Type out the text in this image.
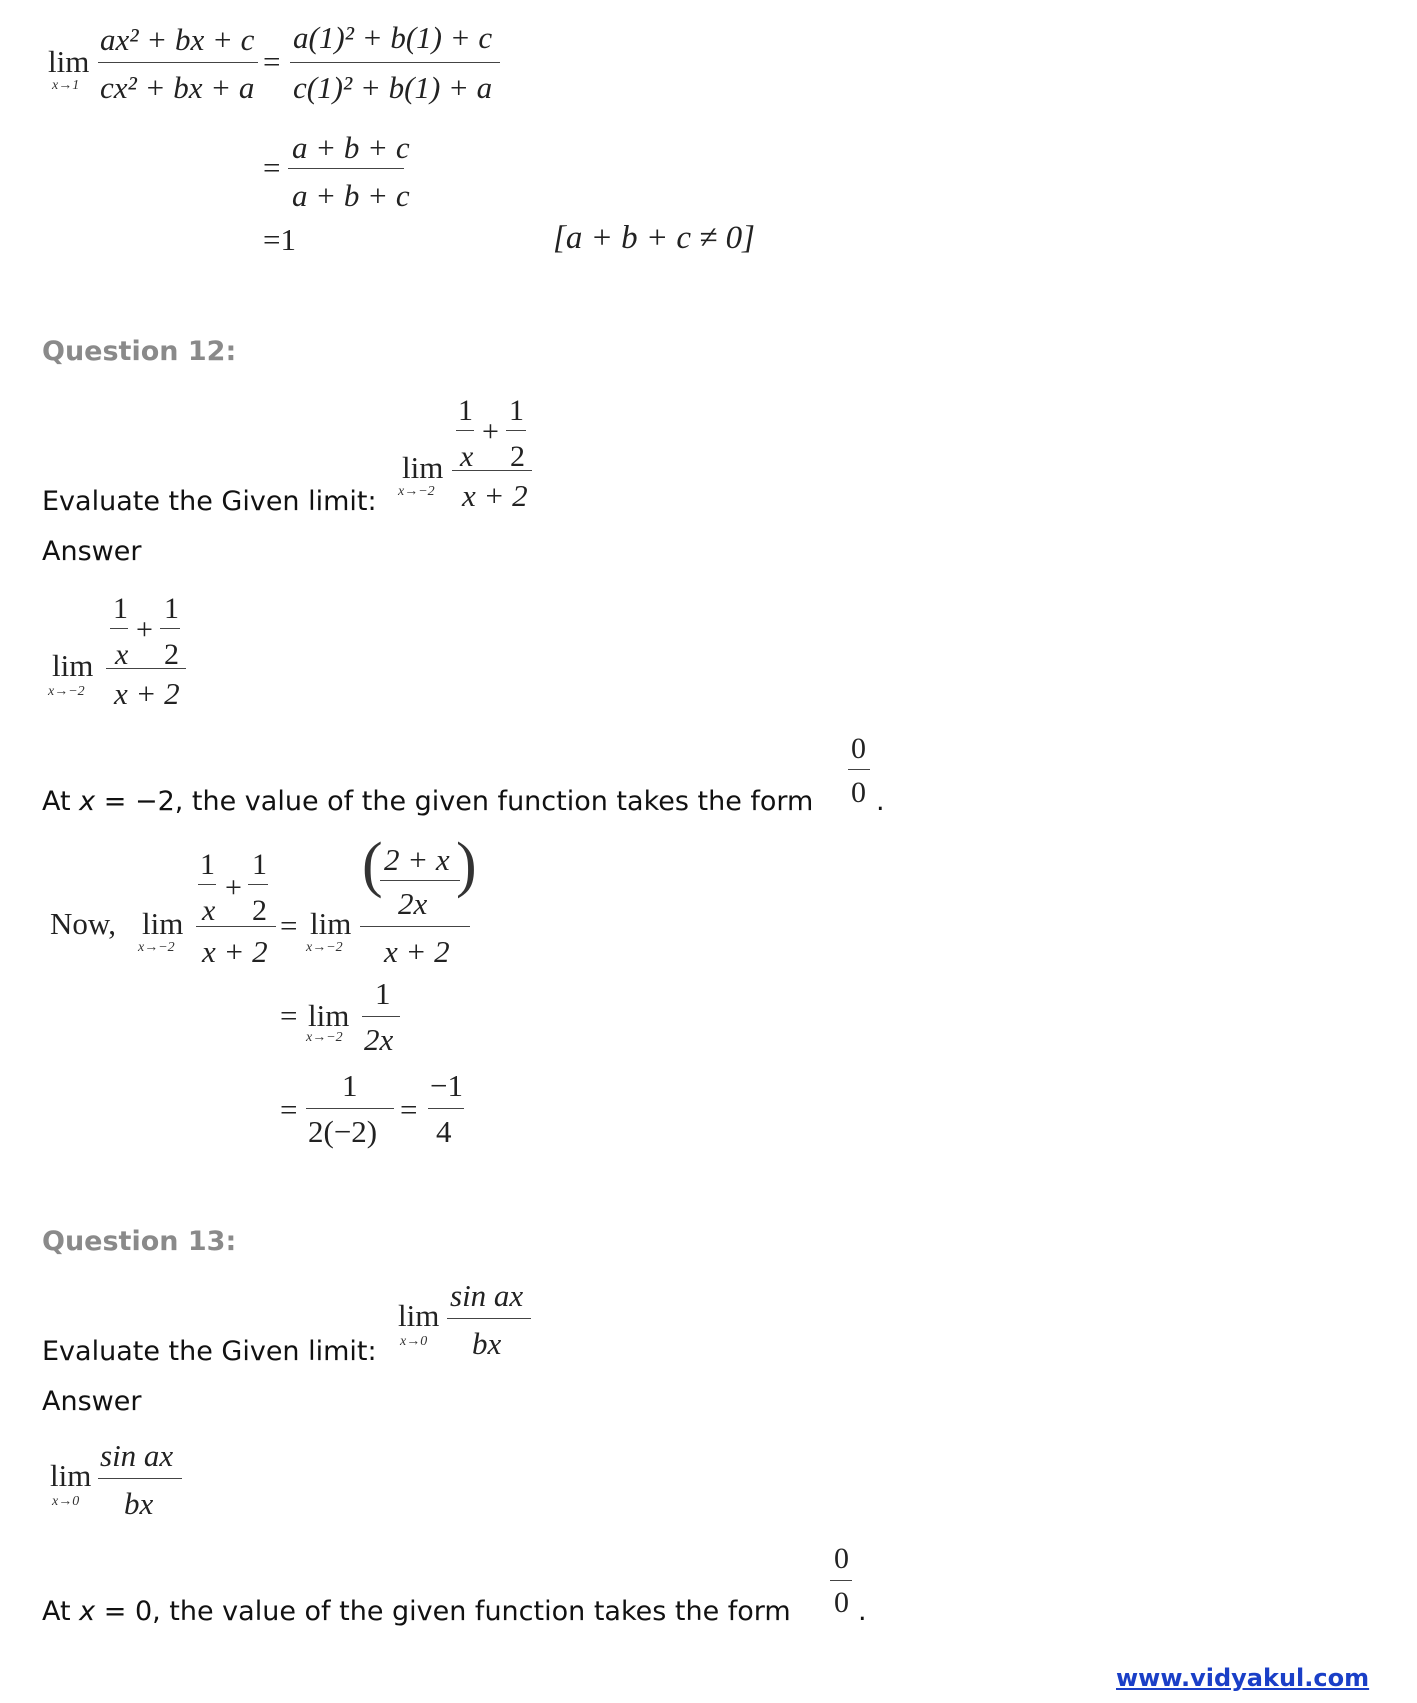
lim
x→1
ax² + bx + c
cx² + bx + a
=
a(1)² + b(1) + c
c(1)² + b(1) + a
=
a + b + c
a + b + c
=1	[a + b + c ≠ 0]
Question 12:
1 1
+
x 2
lim
x→−2 x + 2
Evaluate the Given limit:
Answer
1 1
+
x 2
lim
x→−2 x + 2
At x = −2, the value of the given function takes the form
0
0 .
Now, lim
x→−2
1 1
+
x 2
x + 2
= lim
x→−2
( 2 + x
2x
)
x + 2
= lim
x→−2
1
2x
=
1
2(−2)
=
−1
4
Question 13:
lim
x→0
sin ax
bx
Evaluate the Given limit:
Answer
lim
x→0
sin ax
bx
At x = 0, the value of the given function takes the form
0
0 .
www.vidyakul.com
